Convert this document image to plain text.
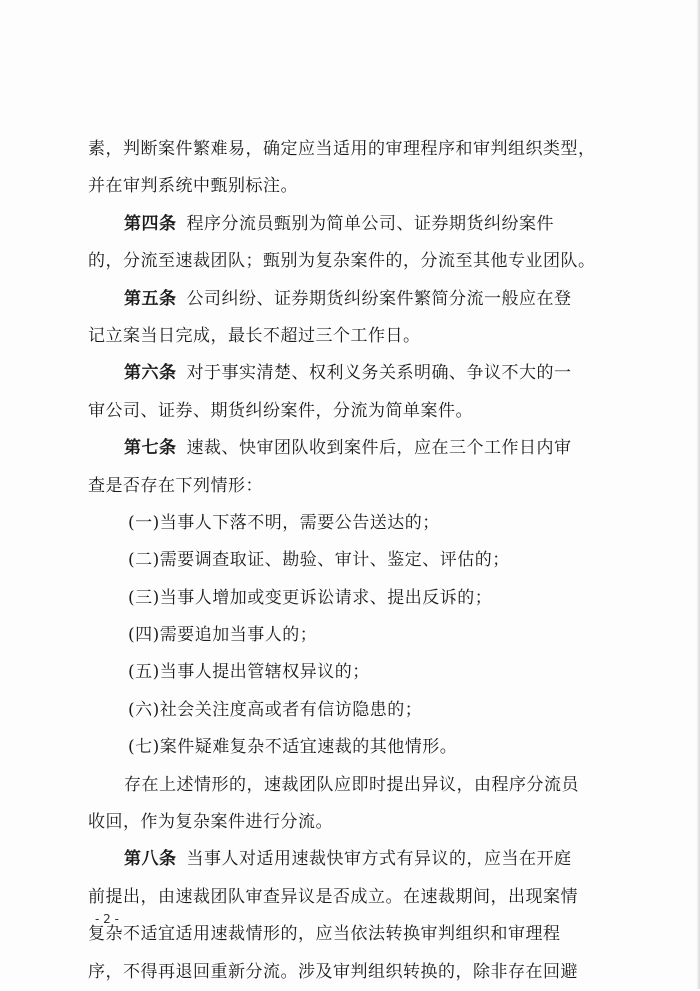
素，判断案件繁难易，确定应当适用的审理程序和审判组织类型，
并在审判系统中甄别标注。
第四条 程序分流员甄别为简单公司、证券期货纠纷案件
的，分流至速裁团队；甄别为复杂案件的，分流至其他专业团队。
第五条 公司纠纷、证券期货纠纷案件繁简分流一般应在登
记立案当日完成，最长不超过三个工作日。
第六条 对于事实清楚、权利义务关系明确、争议不大的一
审公司、证券、期货纠纷案件，分流为简单案件。
第七条 速裁、快审团队收到案件后，应在三个工作日内审
查是否存在下列情形：
(一)当事人下落不明，需要公告送达的；
(二)需要调查取证、勘验、审计、鉴定、评估的；
(三)当事人增加或变更诉讼请求、提出反诉的；
(四)需要追加当事人的；
(五)当事人提出管辖权异议的；
(六)社会关注度高或者有信访隐患的；
(七)案件疑难复杂不适宜速裁的其他情形。
存在上述情形的，速裁团队应即时提出异议，由程序分流员
收回，作为复杂案件进行分流。
第八条 当事人对适用速裁快审方式有异议的，应当在开庭
前提出，由速裁团队审查异议是否成立。在速裁期间，出现案情
复杂不适宜适用速裁情形的，应当依法转换审判组织和审理程
序，不得再退回重新分流。涉及审判组织转换的，除非存在回避
- 2 -
